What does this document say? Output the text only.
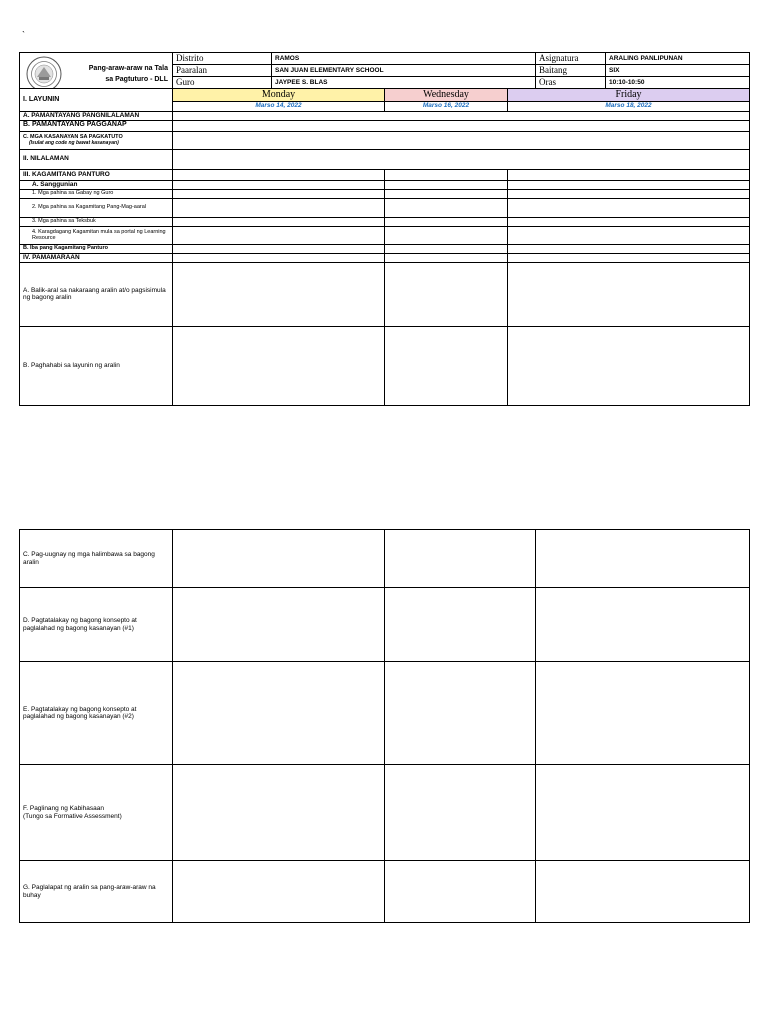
`
Pang-araw-araw na Tala
sa Pagtuturo - DLL	Distrito	RAMOS			Asignatura	ARALING PANLIPUNAN
	Paaralan	SAN JUAN ELEMENTARY SCHOOL			Baitang	SIX
	Guro	JAYPEE S. BLAS			Oras	10:10-10:50
I. LAYUNIN	Monday		Wednesday	Friday		
	Marso 14, 2022		Marso 16, 2022	Marso 18, 2022		
A. PAMANTAYANG PANGNILALAMAN						
B. PAMANTAYANG PAGGANAP						
C. MGA KASANAYAN SA PAGKATUTO
(Isulat ang code ng bawat kasanayan)						

II. NILALAMAN						
III. KAGAMITANG PANTURO						
A. Sanggunian						
1. Mga pahina sa Gabay ng Guro						
2. Mga pahina sa Kagamitang Pang-Mag-aaral						
3. Mga pahina sa Teksbuk						
4. Karagdagang Kagamitan mula sa portal ng Learning Resource						
B. Iba pang Kagamitang Panturo						
IV. PAMAMARAAN						
A. Balik-aral sa nakaraang aralin at/o pagsisimula ng bagong aralin						
B. Paghahabi sa layunin ng aralin						
C. Pag-uugnay ng mga halimbawa sa bagong aralin			
D. Pagtatalakay ng bagong konsepto at paglalahad ng bagong kasanayan (#1)			
E. Pagtatalakay ng bagong konsepto at paglalahad ng bagong kasanayan (#2)			
F. Paglinang ng Kabihasaan
(Tungo sa Formative Assessment)			
G. Paglalapat ng aralin sa pang-araw-araw na buhay			
